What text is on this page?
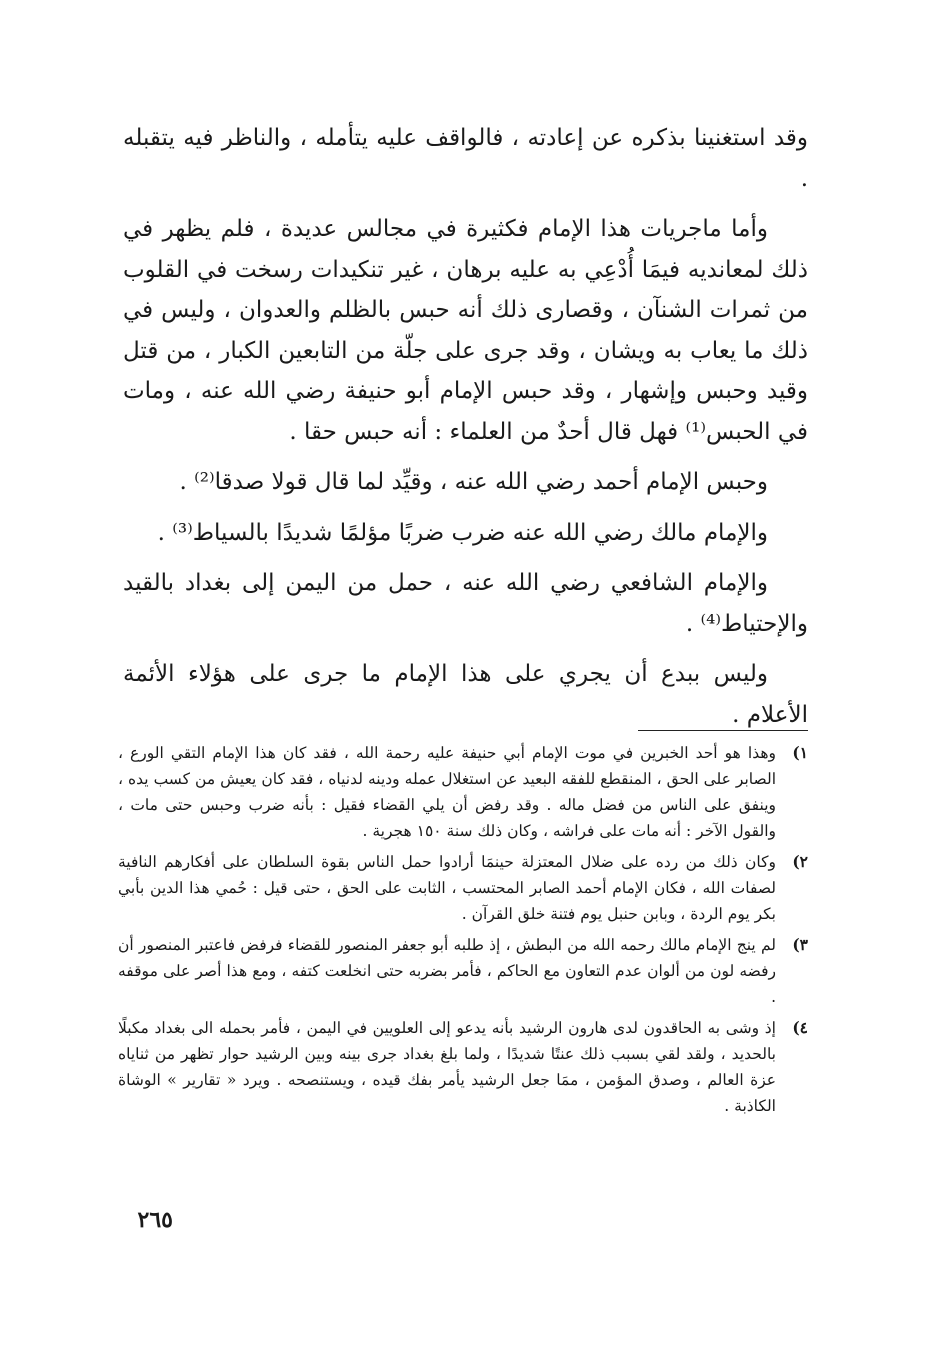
وقد استغنينا بذكره عن إعادته ، فالواقف عليه يتأمله ، والناظر فيه يتقبله .

وأما ماجريات هذا الإمام فكثيرة في مجالس عديدة ، فلم يظهر في ذلك لمعانديه فيمَا أُدْعِي به عليه برهان ، غير تنكيدات رسخت في القلوب من ثمرات الشنآن ، وقصارى ذلك أنه حبس بالظلم والعدوان ، وليس في ذلك ما يعاب به ويشان ، وقد جرى على جلّة من التابعين الكبار ، من قتل وقيد وحبس وإشهار ، وقد حبس الإمام أبو حنيفة رضي الله عنه ، ومات في الحبس⁽¹⁾ فهل قال أحدٌ من العلماء : أنه حبس حقا .

وحبس الإمام أحمد رضي الله عنه ، وقيِّد لما قال قولا صدقا⁽²⁾ .

والإمام مالك رضي الله عنه ضرب ضربًا مؤلمًا شديدًا بالسياط⁽³⁾ .

والإمام الشافعي رضي الله عنه ، حمل من اليمن إلى بغداد بالقيد والإحتياط⁽⁴⁾ .

وليس ببدع أن يجري على هذا الإمام ما جرى على هؤلاء الأئمة الأعلام .

١)
وهذا هو أحد الخبرين في موت الإمام أبي حنيفة عليه رحمة الله ، فقد كان هذا الإمام التقي الورع ، الصابر على الحق ، المنقطع للفقه البعيد عن استغلال عمله ودينه لدنياه ، فقد كان يعيش من كسب يده ، وينفق على الناس من فضل ماله . وقد رفض أن يلي القضاء فقيل : بأنه ضرب وحبس حتى مات ، والقول الآخر : أنه مات على فراشه ، وكان ذلك سنة ١٥٠ هجرية .
٢)
وكان ذلك من رده على ضلال المعتزلة حينمَا أرادوا حمل الناس بقوة السلطان على أفكارهم النافية لصفات الله ، فكان الإمام أحمد الصابر المحتسب ، الثابت على الحق ، حتى قيل : حُمي هذا الدين بأبي بكر يوم الردة ، وبابن حنبل يوم فتنة خلق القرآن .
٣)
لم ينج الإمام مالك رحمه الله من البطش ، إذ طلبه أبو جعفر المنصور للقضاء فرفض فاعتبر المنصور أن رفضه لون من ألوان عدم التعاون مع الحاكم ، فأمر بضربه حتى انخلعت كتفه ، ومع هذا أصر على موقفه .
٤)
إذ وشى به الحاقدون لدى هارون الرشيد بأنه يدعو إلى العلويين في اليمن ، فأمر بحمله الى بغداد مكبلًا بالحديد ، ولقد لقي بسبب ذلك عنتًا شديدًا ، ولما بلغ بغداد جرى بينه وبين الرشيد حوار تظهر من ثناياه عزة العالم ، وصدق المؤمن ، ممَا جعل الرشيد يأمر بفك قيده ، ويستنصحه . ويرد « تقارير » الوشاة الكاذبة .
٢٦٥
